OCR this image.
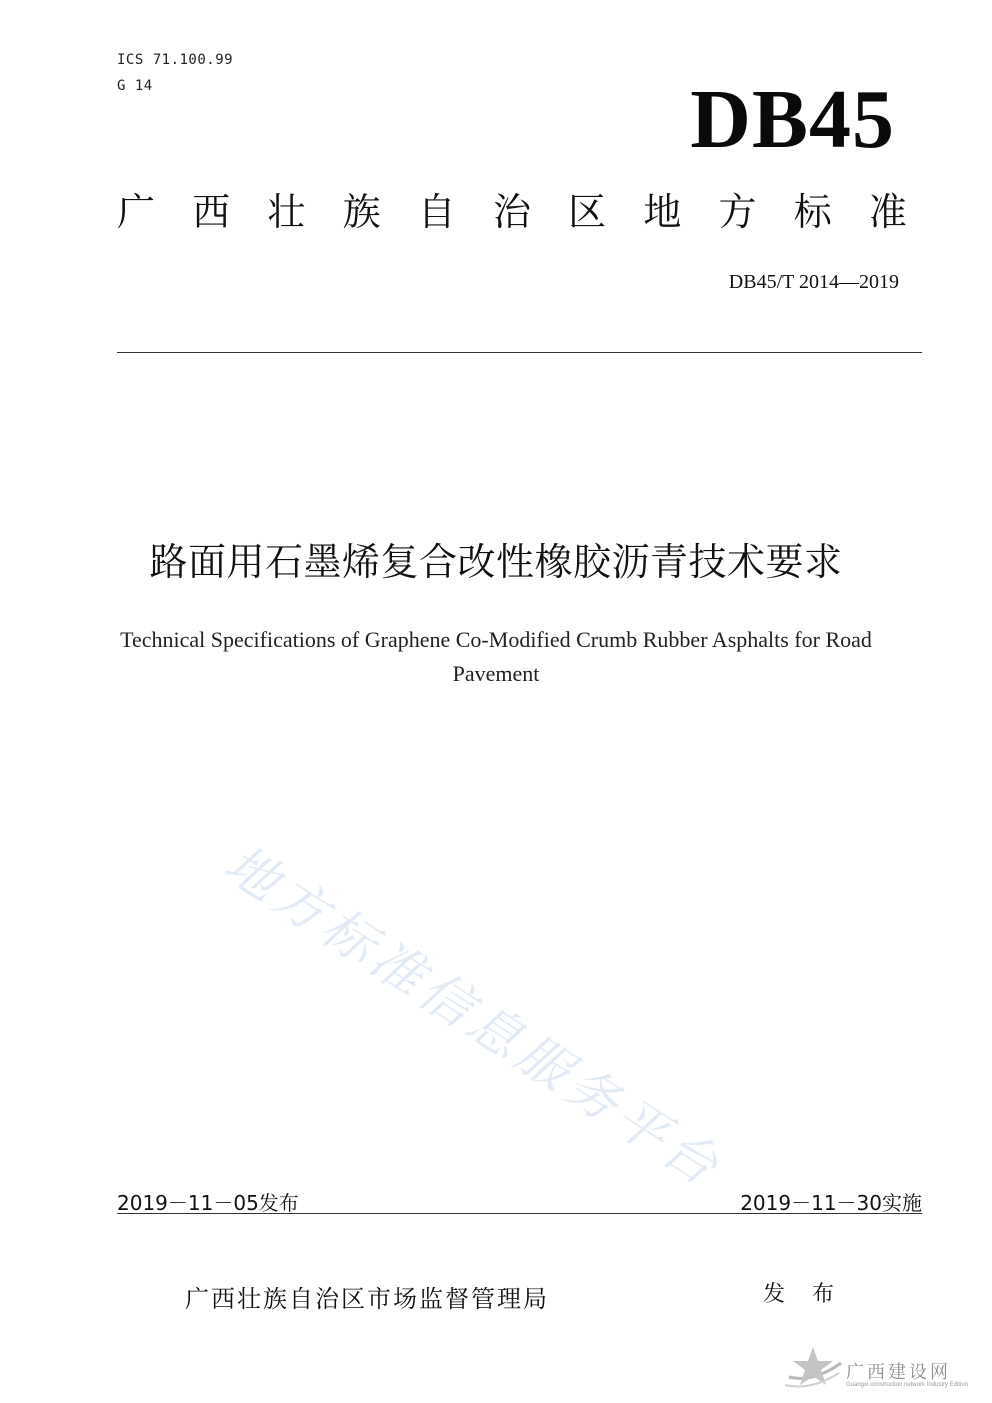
ICS 71.100.99
G 14	DB45
广 西 壮 族 自 治 区 地 方 标 准
DB45/T 2014—2019
路面用石墨烯复合改性橡胶沥青技术要求
Technical Specifications of Graphene Co-Modified Crumb Rubber Asphalts for Road Pavement
地方标准信息服务平台
2019－11－05发布	2019－11－30实施
广西壮族自治区市场监督管理局	发 布
广西建设网
Guangxi construction network Industry Edition
